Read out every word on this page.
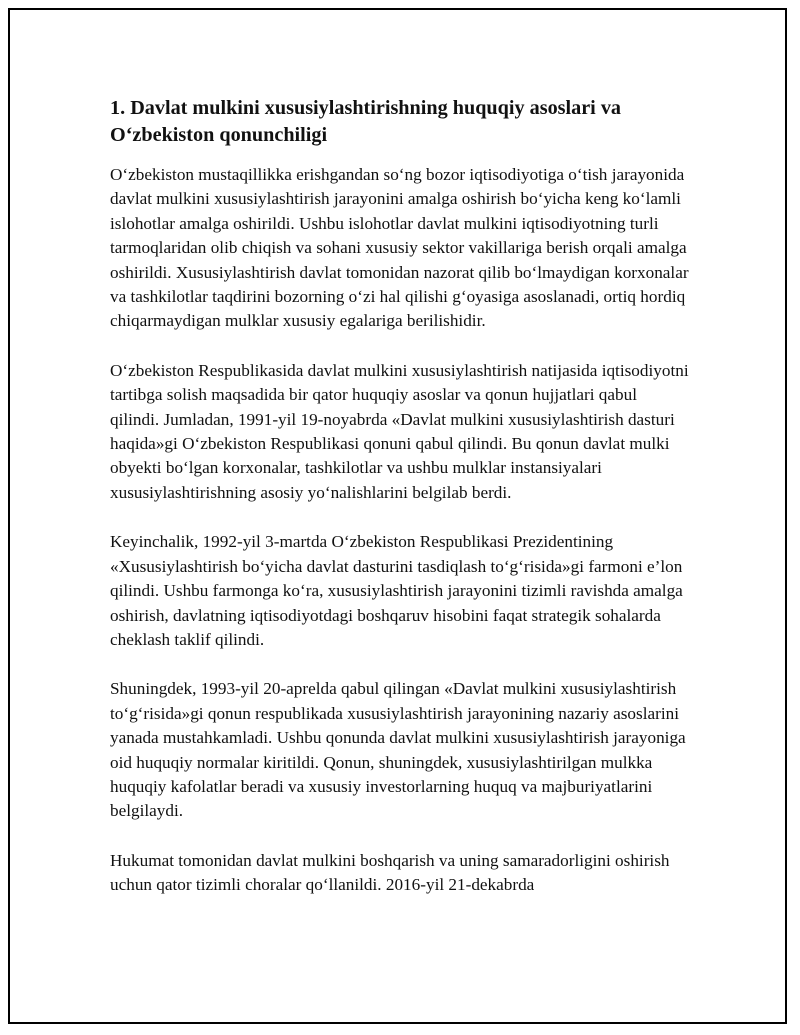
1. Davlat mulkini xususiylashtirishning huquqiy asoslari va O‘zbekiston qonunchiligi

O‘zbekiston mustaqillikka erishgandan so‘ng bozor iqtisodiyotiga o‘tish jarayonida davlat mulkini xususiylashtirish jarayonini amalga oshirish bo‘yicha keng ko‘lamli islohotlar amalga oshirildi. Ushbu islohotlar davlat mulkini iqtisodiyotning turli tarmoqlaridan olib chiqish va sohani xususiy sektor vakillariga berish orqali amalga oshirildi. Xususiylashtirish davlat tomonidan nazorat qilib bo‘lmaydigan korxonalar va tashkilotlar taqdirini bozorning o‘zi hal qilishi g‘oyasiga asoslanadi, ortiq hordiq chiqarmaydigan mulklar xususiy egalariga berilishidir.

O‘zbekiston Respublikasida davlat mulkini xususiylashtirish natijasida iqtisodiyotni tartibga solish maqsadida bir qator huquqiy asoslar va qonun hujjatlari qabul qilindi. Jumladan, 1991-yil 19-noyabrda «Davlat mulkini xususiylashtirish dasturi haqida»gi O‘zbekiston Respublikasi qonuni qabul qilindi. Bu qonun davlat mulki obyekti bo‘lgan korxonalar, tashkilotlar va ushbu mulklar instansiyalari xususiylashtirishning asosiy yo‘nalishlarini belgilab berdi.

Keyinchalik, 1992-yil 3-martda O‘zbekiston Respublikasi Prezidentining «Xususiylashtirish bo‘yicha davlat dasturini tasdiqlash to‘g‘risida»gi farmoni e’lon qilindi. Ushbu farmonga ko‘ra, xususiylashtirish jarayonini tizimli ravishda amalga oshirish, davlatning iqtisodiyotdagi boshqaruv hisobini faqat strategik sohalarda cheklash taklif qilindi.

Shuningdek, 1993-yil 20-aprelda qabul qilingan «Davlat mulkini xususiylashtirish to‘g‘risida»gi qonun respublikada xususiylashtirish jarayonining nazariy asoslarini yanada mustahkamladi. Ushbu qonunda davlat mulkini xususiylashtirish jarayoniga oid huquqiy normalar kiritildi. Qonun, shuningdek, xususiylashtirilgan mulkka huquqiy kafolatlar beradi va xususiy investorlarning huquq va majburiyatlarini belgilaydi.

Hukumat tomonidan davlat mulkini boshqarish va uning samaradorligini oshirish uchun qator tizimli choralar qo‘llanildi. 2016-yil 21-dekabrda
